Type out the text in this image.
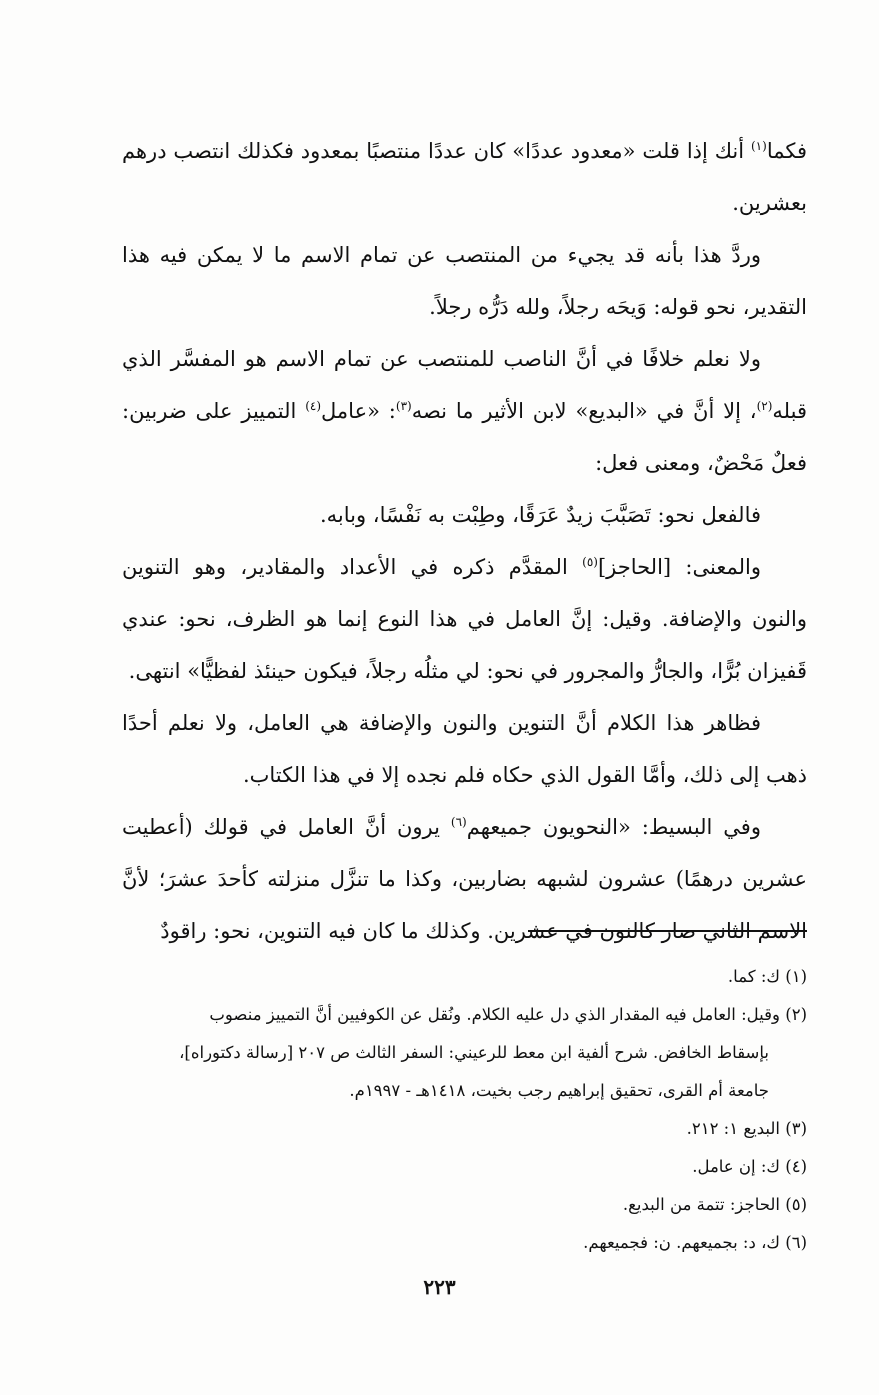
فكما$^{(١)}$ أنك إذا قلت «معدود عددًا» كان عددًا منتصبًا بمعدود فكذلك انتصب درهم بعشرين.

وردَّ هذا بأنه قد يجيء من المنتصب عن تمام الاسم ما لا يمكن فيه هذا التقدير، نحو قوله: وَيحَه رجلاً، ولله دَرُّه رجلاً.

ولا نعلم خلافًا في أنَّ الناصب للمنتصب عن تمام الاسم هو المفسَّر الذي قبله$^{(٢)}$، إلا أنَّ في «البديع» لابن الأثير ما نصه$^{(٣)}$: «عامل$^{(٤)}$ التمييز على ضربين: فعلٌ مَحْضٌ، ومعنى فعل:

فالفعل نحو: تَصَبَّبَ زيدٌ عَرَقًا، وطِبْت به نَفْسًا، وبابه.

والمعنى: [الحاجز]$^{(٥)}$ المقدَّم ذكره في الأعداد والمقادير، وهو التنوين والنون والإضافة. وقيل: إنَّ العامل في هذا النوع إنما هو الظرف، نحو: عندي قَفيزان بُرًّا، والجارُّ والمجرور في نحو: لي مثلُه رجلاً، فيكون حينئذ لفظيًّا» انتهى.

فظاهر هذا الكلام أنَّ التنوين والنون والإضافة هي العامل، ولا نعلم أحدًا ذهب إلى ذلك، وأمَّا القول الذي حكاه فلم نجده إلا في هذا الكتاب.

وفي البسيط: «النحويون جميعهم$^{(٦)}$ يرون أنَّ العامل في قولك (أعطيت عشرين درهمًا) عشرون لشبهه بضاربين، وكذا ما تنزَّل منزلته كأحدَ عشرَ؛ لأنَّ الاسم الثاني صار كالنون في عشرين. وكذلك ما كان فيه التنوين، نحو: راقودٌ

(١) ك: كما.

(٢) وقيل: العامل فيه المقدار الذي دل عليه الكلام. ونُقل عن الكوفيين أنَّ التمييز منصوب

بإسقاط الخافض. شرح ألفية ابن معط للرعيني: السفر الثالث ص ٢٠٧ [رسالة دكتوراه]،

جامعة أم القرى، تحقيق إبراهيم رجب بخيت، ١٤١٨هـ - ١٩٩٧م.

(٣) البديع ١: ٢١٢.

(٤) ك: إن عامل.

(٥) الحاجز: تتمة من البديع.

(٦) ك، د: بجميعهم. ن: فجميعهم.

٢٢٣
